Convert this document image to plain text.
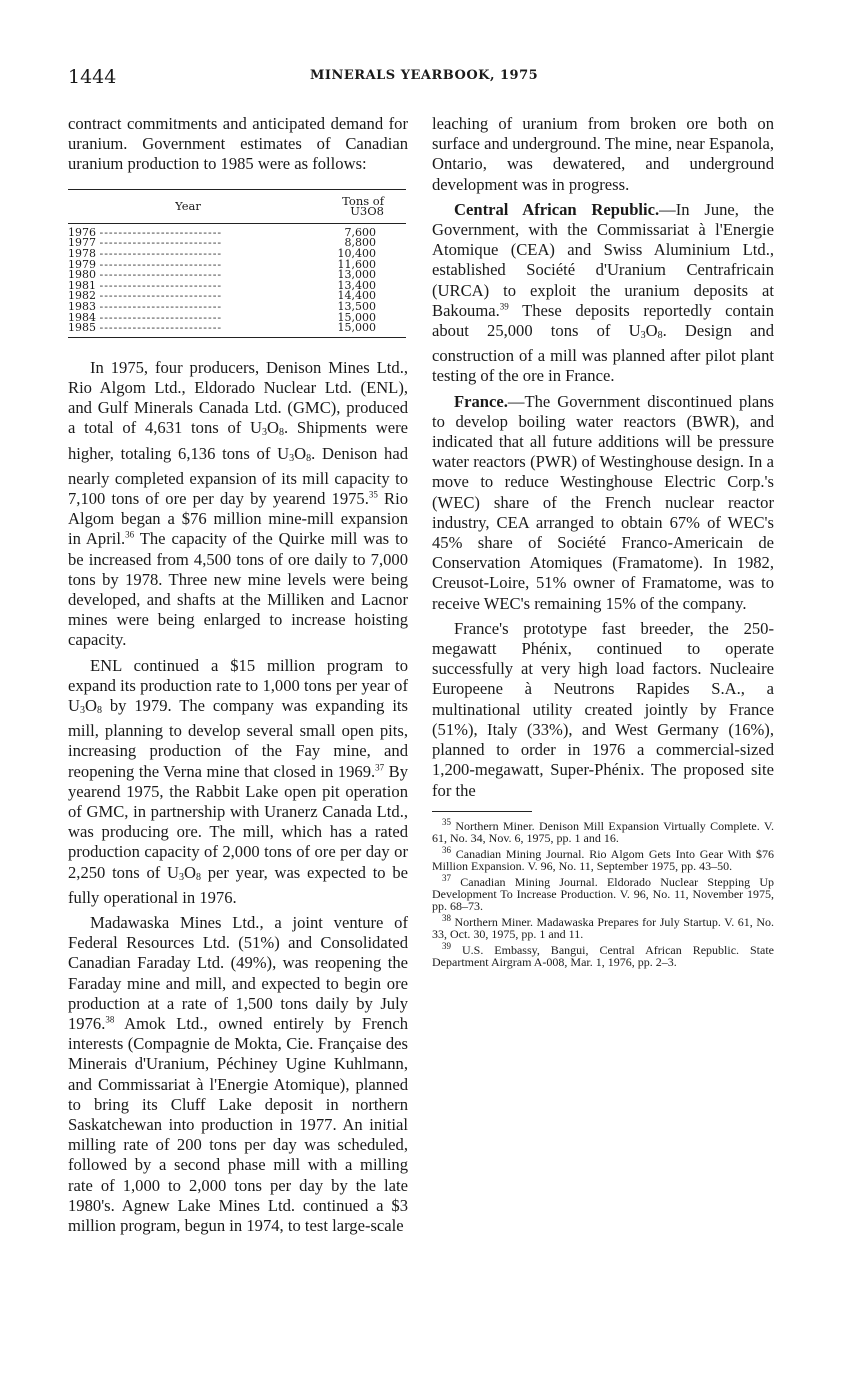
1444	MINERALS YEARBOOK, 1975

contract commitments and anticipated demand for uranium. Government estimates of Canadian uranium production to 1985 were as follows:

Year	Tons of U3O8
1976 --------------------------	7,600
1977 --------------------------	8,800
1978 --------------------------	10,400
1979 --------------------------	11,600
1980 --------------------------	13,000
1981 --------------------------	13,400
1982 --------------------------	14,400
1983 --------------------------	13,500
1984 --------------------------	15,000
1985 --------------------------	15,000

In 1975, four producers, Denison Mines Ltd., Rio Algom Ltd., Eldorado Nuclear Ltd. (ENL), and Gulf Minerals Canada Ltd. (GMC), produced a total of 4,631 tons of $U_3O_8$. Shipments were higher, totaling 6,136 tons of $U_3O_8$. Denison had nearly completed expansion of its mill capacity to 7,100 tons of ore per day by yearend 1975.35 Rio Algom began a $76 million mine-mill expansion in April.$^{36}$ The capacity of the Quirke mill was to be increased from 4,500 tons of ore daily to 7,000 tons by 1978. Three new mine levels were being developed, and shafts at the Milliken and Lacnor mines were being enlarged to increase hoisting capacity.

ENL continued a $15 million program to expand its production rate to 1,000 tons per year of $U_3O_8$ by 1979. The company was expanding its mill, planning to develop several small open pits, increasing production of the Fay mine, and reopening the Verna mine that closed in 1969.37 By yearend 1975, the Rabbit Lake open pit operation of GMC, in partnership with Uranerz Canada Ltd., was producing ore. The mill, which has a rated production capacity of 2,000 tons of ore per day or 2,250 tons of $U_3O_8$ per year, was expected to be fully operational in 1976.

Madawaska Mines Ltd., a joint venture of Federal Resources Ltd. (51%) and Consolidated Canadian Faraday Ltd. (49%), was reopening the Faraday mine and mill, and expected to begin ore production at a rate of 1,500 tons daily by July 1976.38 Amok Ltd., owned entirely by French interests (Compagnie de Mokta, Cie. Française des Minerais d'Uranium, Péchiney Ugine Kuhlmann, and Commissariat à l'Energie Atomique), planned to bring its Cluff Lake deposit in northern Saskatchewan into production in 1977. An initial milling rate of 200 tons per day was scheduled, followed by a second phase mill with a milling rate of 1,000 to 2,000 tons per day by the late 1980's. Agnew Lake Mines Ltd. continued a $3 million program, begun in 1974, to test large-scale

leaching of uranium from broken ore both on surface and underground. The mine, near Espanola, Ontario, was dewatered, and underground development was in progress.

Central African Republic.—In June, the Government, with the Commissariat à l'Energie Atomique (CEA) and Swiss Aluminium Ltd., established Société d'Uranium Centrafricain (URCA) to exploit the uranium deposits at Bakouma.$^{39}$ These deposits reportedly contain about 25,000 tons of $U_3O_8$. Design and construction of a mill was planned after pilot plant testing of the ore in France.

France.—The Government discontinued plans to develop boiling water reactors (BWR), and indicated that all future additions will be pressure water reactors (PWR) of Westinghouse design. In a move to reduce Westinghouse Electric Corp.'s (WEC) share of the French nuclear reactor industry, CEA arranged to obtain 67% of WEC's 45% share of Société Franco-Americain de Conservation Atomiques (Framatome). In 1982, Creusot-Loire, 51% owner of Framatome, was to receive WEC's remaining 15% of the company.

France's prototype fast breeder, the 250-megawatt Phénix, continued to operate successfully at very high load factors. Nucleaire Europeene à Neutrons Rapides S.A., a multinational utility created jointly by France (51%), Italy (33%), and West Germany (16%), planned to order in 1976 a commercial-sized 1,200-megawatt, Super-Phénix. The proposed site for the

$^{35}$ Northern Miner. Denison Mill Expansion Virtually Complete. V. 61, No. 34, Nov. 6, 1975, pp. 1 and 16.

$^{36}$ Canadian Mining Journal. Rio Algom Gets Into Gear With $76 Million Expansion. V. 96, No. 11, September 1975, pp. 43–50.

$^{37}$ Canadian Mining Journal. Eldorado Nuclear Stepping Up Development To Increase Production. V. 96, No. 11, November 1975, pp. 68–73.

$^{38}$ Northern Miner. Madawaska Prepares for July Startup. V. 61, No. 33, Oct. 30, 1975, pp. 1 and 11.

$^{39}$ U.S. Embassy, Bangui, Central African Republic. State Department Airgram A-008, Mar. 1, 1976, pp. 2–3.
